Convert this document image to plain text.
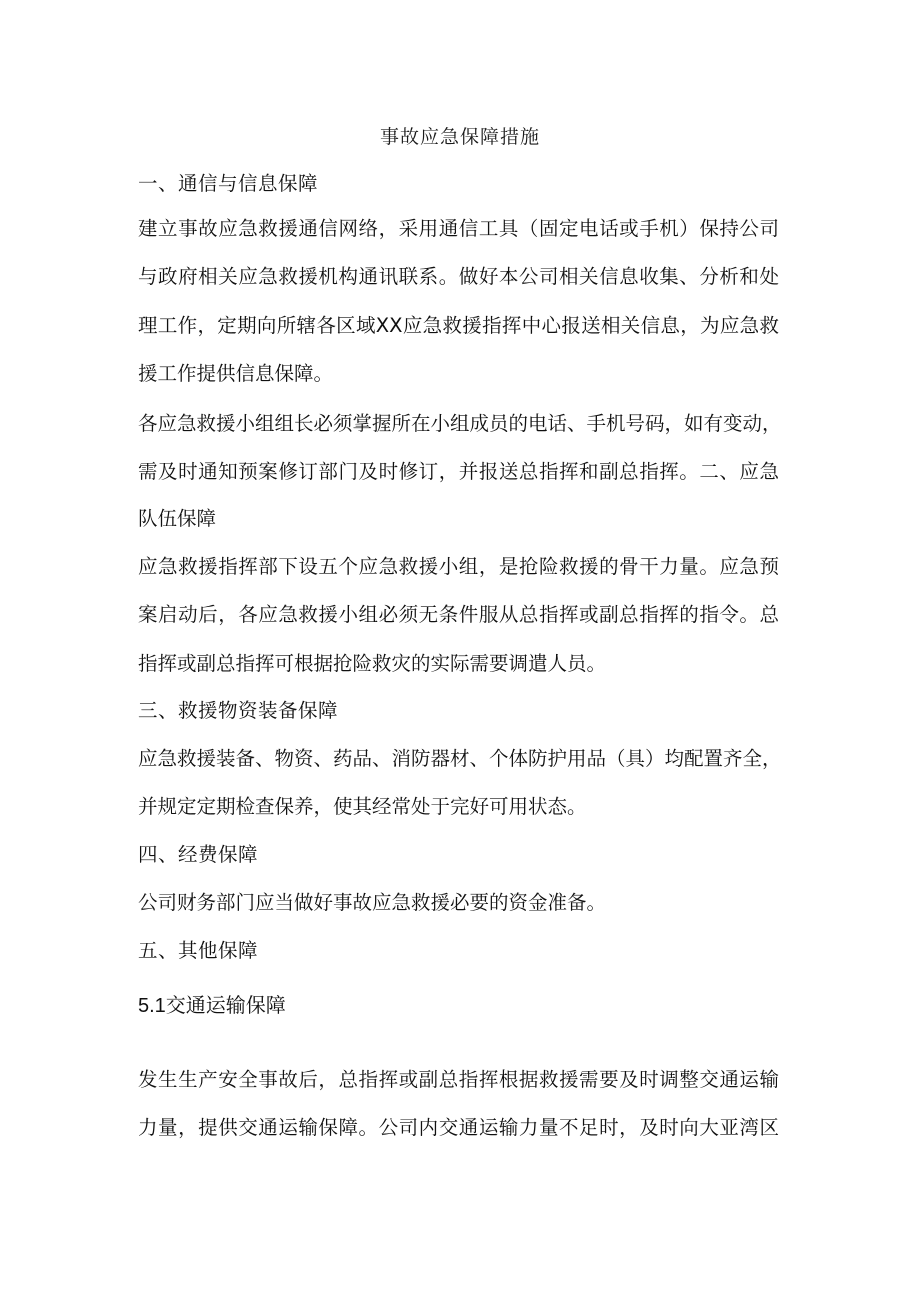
事故应急保障措施
一、通信与信息保障
建立事故应急救援通信网络，采用通信工具（固定电话或手机）保持公司
与政府相关应急救援机构通讯联系。做好本公司相关信息收集、分析和处
理工作，定期向所辖各区域XX应急救援指挥中心报送相关信息，为应急救
援工作提供信息保障。
各应急救援小组组长必须掌握所在小组成员的电话、手机号码，如有变动，
需及时通知预案修订部门及时修订，并报送总指挥和副总指挥。二、应急
队伍保障
应急救援指挥部下设五个应急救援小组，是抢险救援的骨干力量。应急预
案启动后，各应急救援小组必须无条件服从总指挥或副总指挥的指令。总
指挥或副总指挥可根据抢险救灾的实际需要调遣人员。
三、救援物资装备保障
应急救援装备、物资、药品、消防器材、个体防护用品（具）均配置齐全，
并规定定期检查保养，使其经常处于完好可用状态。
四、经费保障
公司财务部门应当做好事故应急救援必要的资金准备。
五、其他保障
5.1交通运输保障
发生生产安全事故后，总指挥或副总指挥根据救援需要及时调整交通运输
力量，提供交通运输保障。公司内交通运输力量不足时，及时向大亚湾区
